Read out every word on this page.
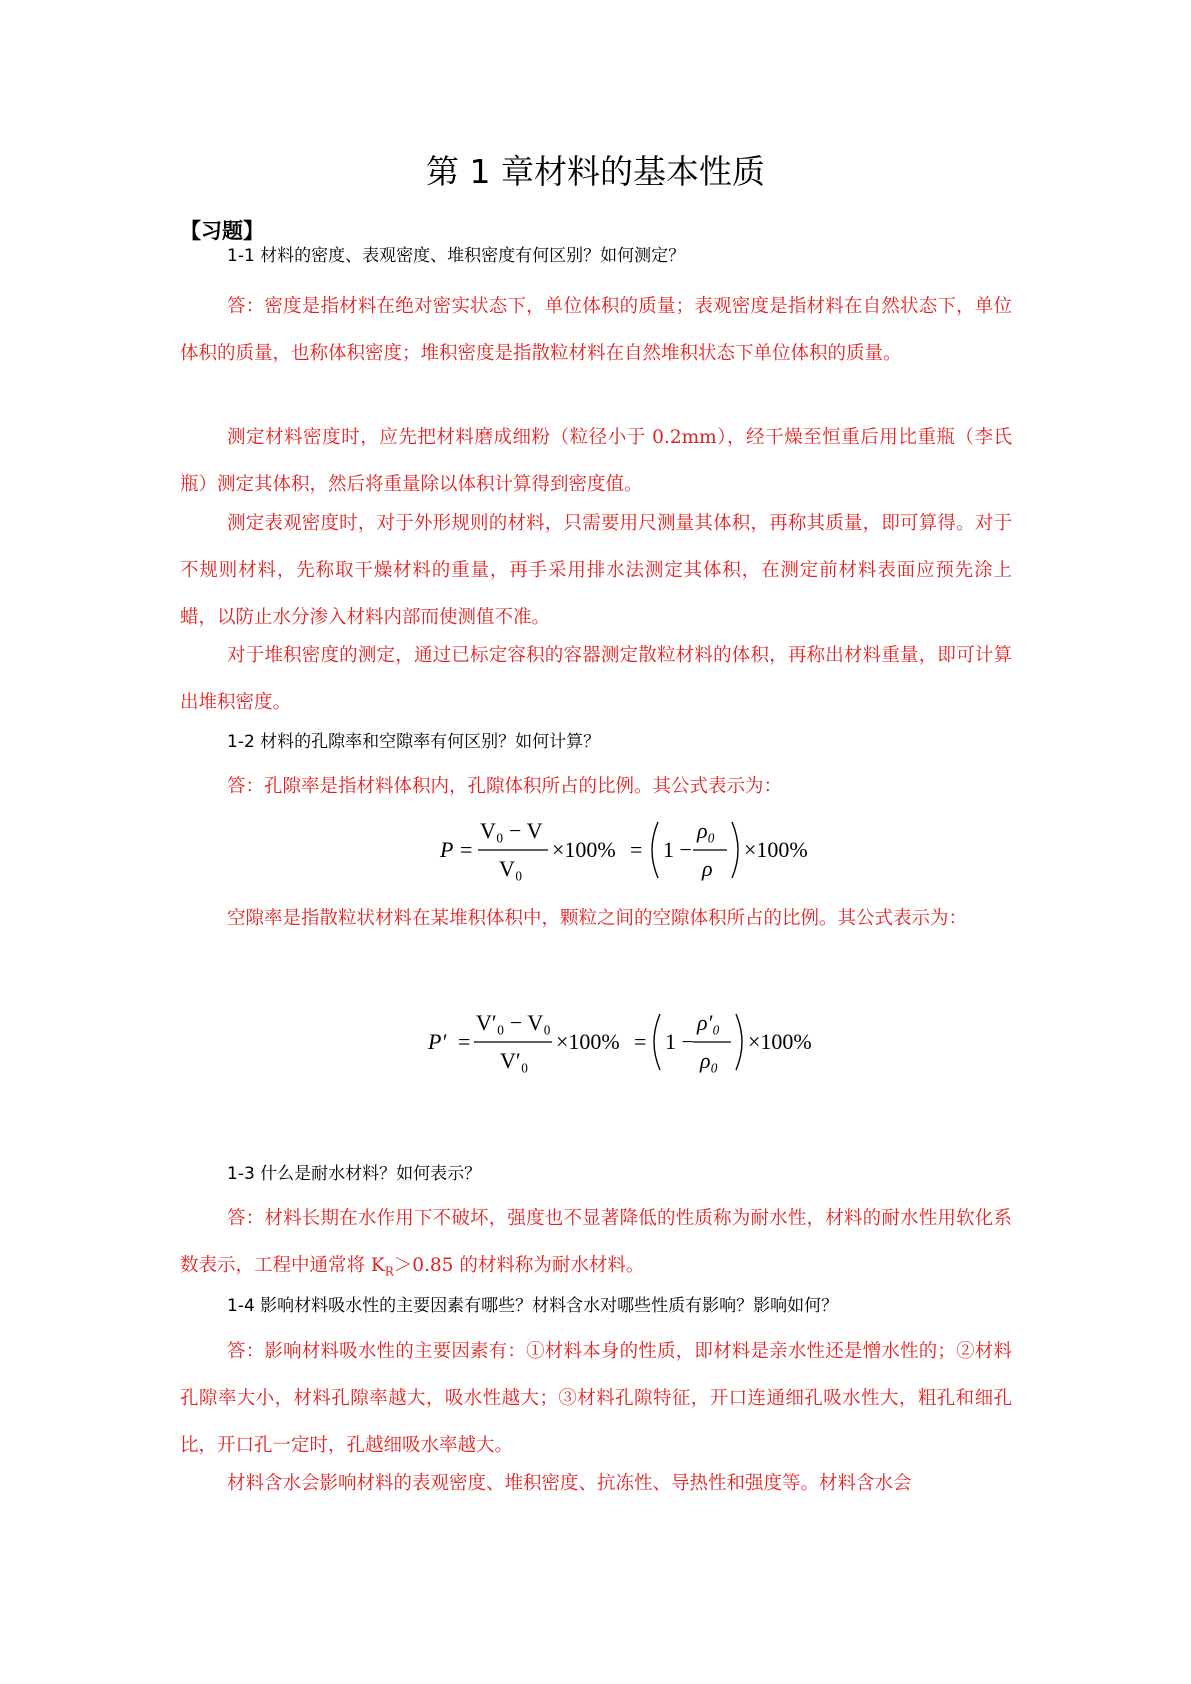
第 1 章材料的基本性质
【习题】
1-1 材料的密度、表观密度、堆积密度有何区别？如何测定？
答：密度是指材料在绝对密实状态下，单位体积的质量；表观密度是指材料在自然状态下，单位体积的质量，也称体积密度；堆积密度是指散粒材料在自然堆积状态下单位体积的质量。
测定材料密度时，应先把材料磨成细粉（粒径小于 0.2mm），经干燥至恒重后用比重瓶（李氏瓶）测定其体积，然后将重量除以体积计算得到密度值。
测定表观密度时，对于外形规则的材料，只需要用尺测量其体积，再称其质量，即可算得。对于不规则材料，先称取干燥材料的重量，再手采用排水法测定其体积，在测定前材料表面应预先涂上蜡，以防止水分渗入材料内部而使测值不准。
对于堆积密度的测定，通过已标定容积的容器测定散粒材料的体积，再称出材料重量，即可计算出堆积密度。
1-2 材料的孔隙率和空隙率有何区别？如何计算？
答：孔隙率是指材料体积内，孔隙体积所占的比例。其公式表示为：
P =
V₀ − V
V₀
×100% = 1 −
ρ₀
ρ
×100%
空隙率是指散粒状材料在某堆积体积中，颗粒之间的空隙体积所占的比例。其公式表示为：
P′ =
V′₀ − V₀
V′₀
×100% = 1 −
ρ′₀
ρ₀
×100%
1-3 什么是耐水材料？如何表示？
答：材料长期在水作用下不破坏，强度也不显著降低的性质称为耐水性，材料的耐水性用软化系数表示，工程中通常将 $K_R>0.85$ 的材料称为耐水材料。
1-4 影响材料吸水性的主要因素有哪些？材料含水对哪些性质有影响？影响如何？
答：影响材料吸水性的主要因素有：①材料本身的性质，即材料是亲水性还是憎水性的；②材料孔隙率大小，材料孔隙率越大，吸水性越大；③材料孔隙特征，开口连通细孔吸水性大，粗孔和细孔比，开口孔一定时，孔越细吸水率越大。
材料含水会影响材料的表观密度、堆积密度、抗冻性、导热性和强度等。材料含水会
